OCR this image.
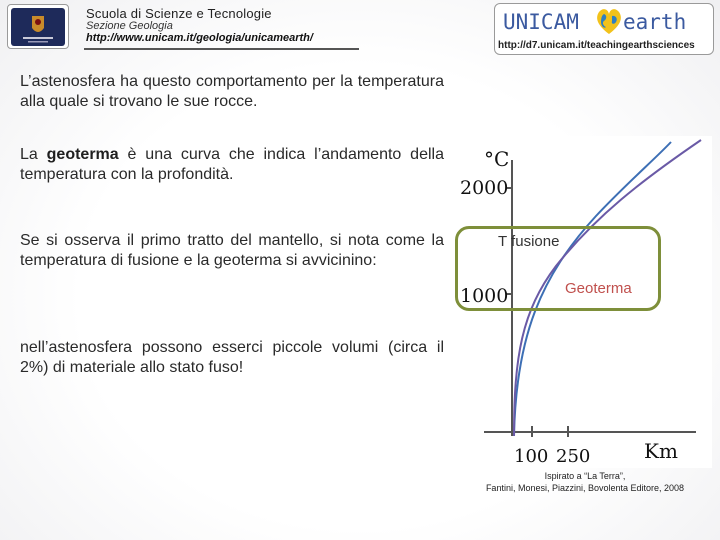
Scuola di Scienze e Tecnologie
Sezione Geologia
http://www.unicam.it/geologia/unicamearth/
UNICAM earth
http://d7.unicam.it/teachingearthsciences
L’astenosfera ha questo comportamento per la temperatura alla quale si trovano le sue rocce.
La geoterma è una curva che indica l’andamento della temperatura con la profondità.
Se si osserva il primo tratto del mantello, si nota come la temperatura di fusione e la geoterma si avvicinino:
nell’astenosfera possono esserci piccole volumi (circa il 2%) di materiale allo stato fuso!
°C
2000
1000
100 250	Km
T fusione
Geoterma
Ispirato a “La Terra”,
Fantini, Monesi, Piazzini, Bovolenta Editore, 2008
